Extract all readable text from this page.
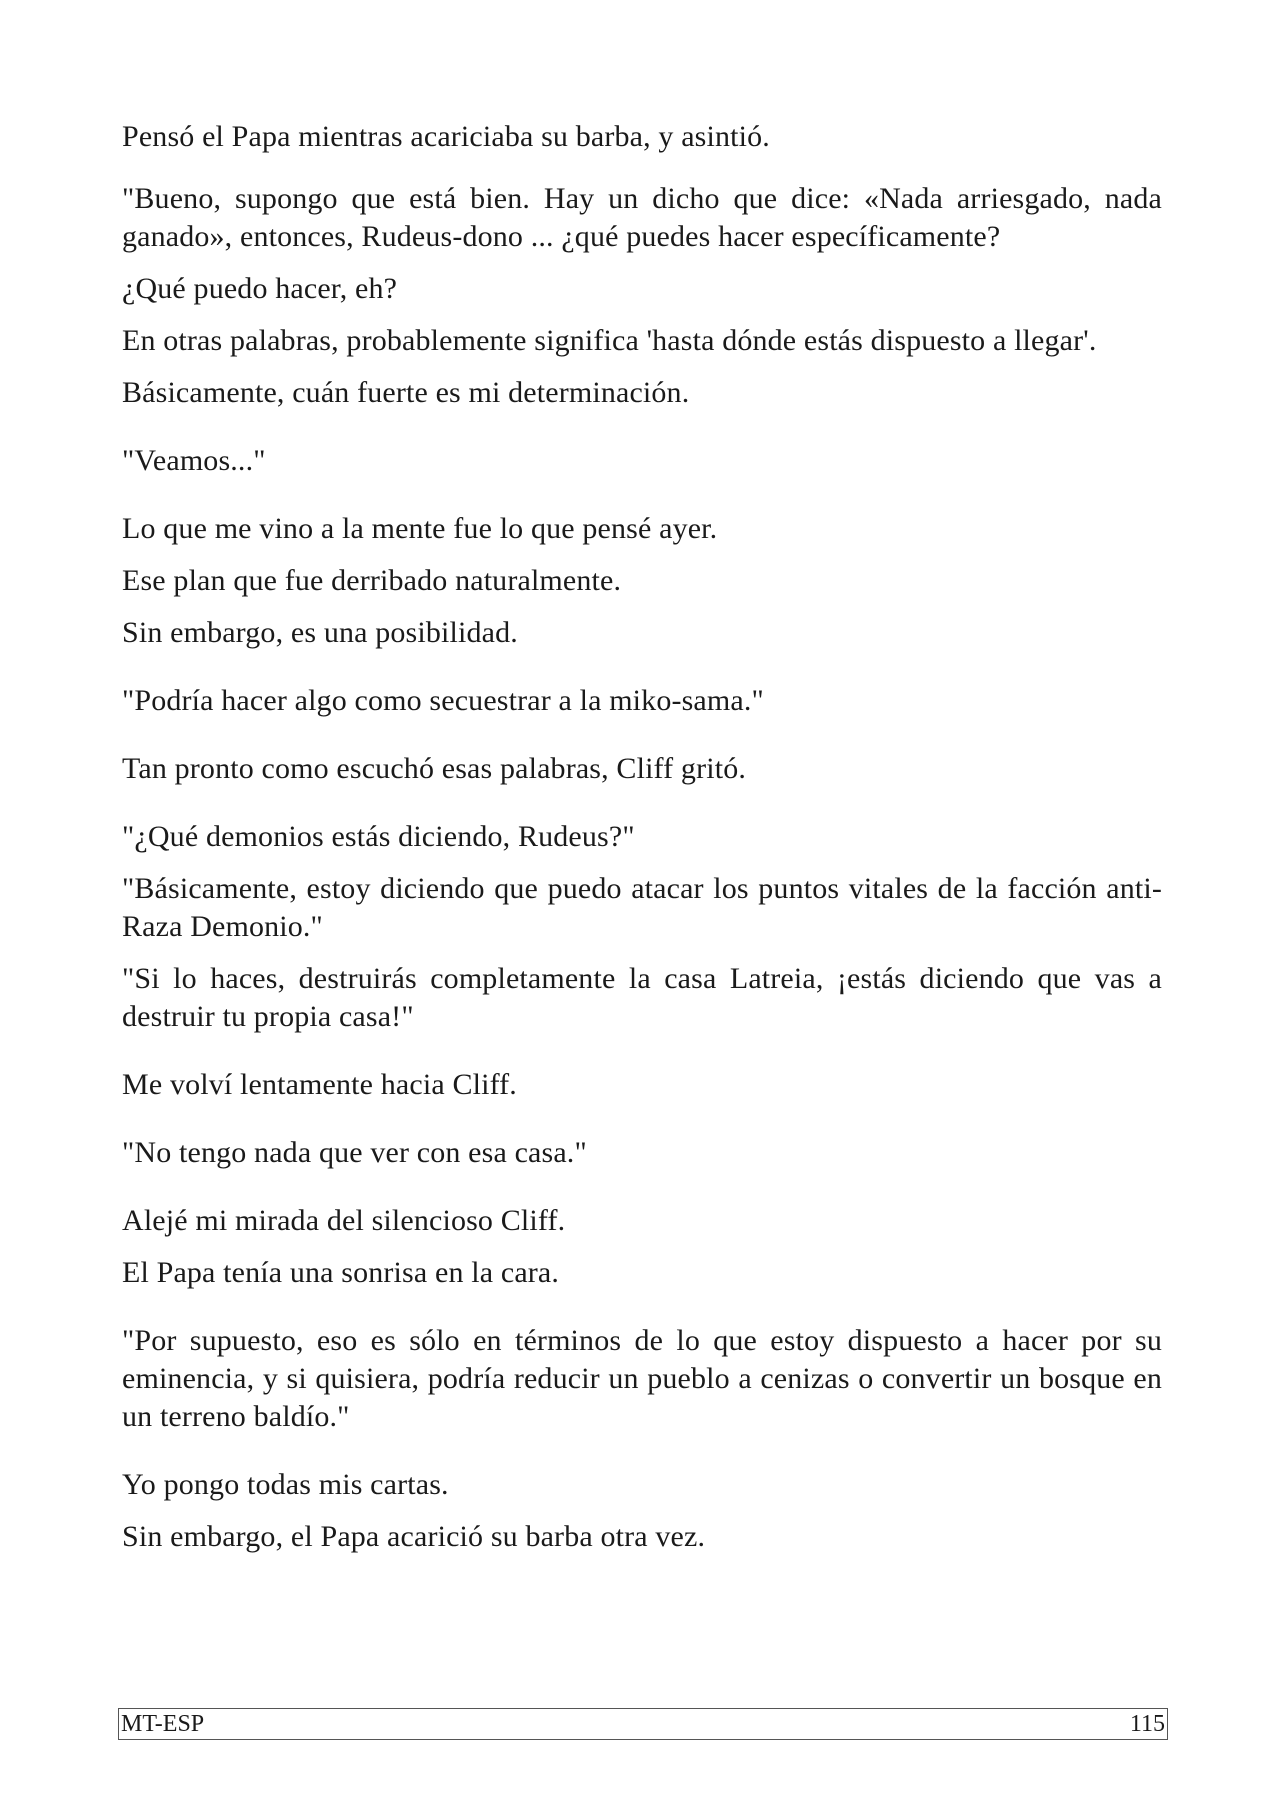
Pensó el Papa mientras acariciaba su barba, y asintió.

"Bueno, supongo que está bien. Hay un dicho que dice: «Nada arriesgado, nada ganado», entonces, Rudeus-dono ... ¿qué puedes hacer específicamente?

¿Qué puedo hacer, eh?

En otras palabras, probablemente significa 'hasta dónde estás dispuesto a llegar'.

Básicamente, cuán fuerte es mi determinación.

"Veamos..."

Lo que me vino a la mente fue lo que pensé ayer.

Ese plan que fue derribado naturalmente.

Sin embargo, es una posibilidad.

"Podría hacer algo como secuestrar a la miko-sama."

Tan pronto como escuchó esas palabras, Cliff gritó.

"¿Qué demonios estás diciendo, Rudeus?"

"Básicamente, estoy diciendo que puedo atacar los puntos vitales de la facción anti-Raza Demonio."

"Si lo haces, destruirás completamente la casa Latreia, ¡estás diciendo que vas a destruir tu propia casa!"

Me volví lentamente hacia Cliff.

"No tengo nada que ver con esa casa."

Alejé mi mirada del silencioso Cliff.

El Papa tenía una sonrisa en la cara.

"Por supuesto, eso es sólo en términos de lo que estoy dispuesto a hacer por su eminencia, y si quisiera, podría reducir un pueblo a cenizas o convertir un bosque en un terreno baldío."

Yo pongo todas mis cartas.

Sin embargo, el Papa acarició su barba otra vez.

MT-ESP	115
